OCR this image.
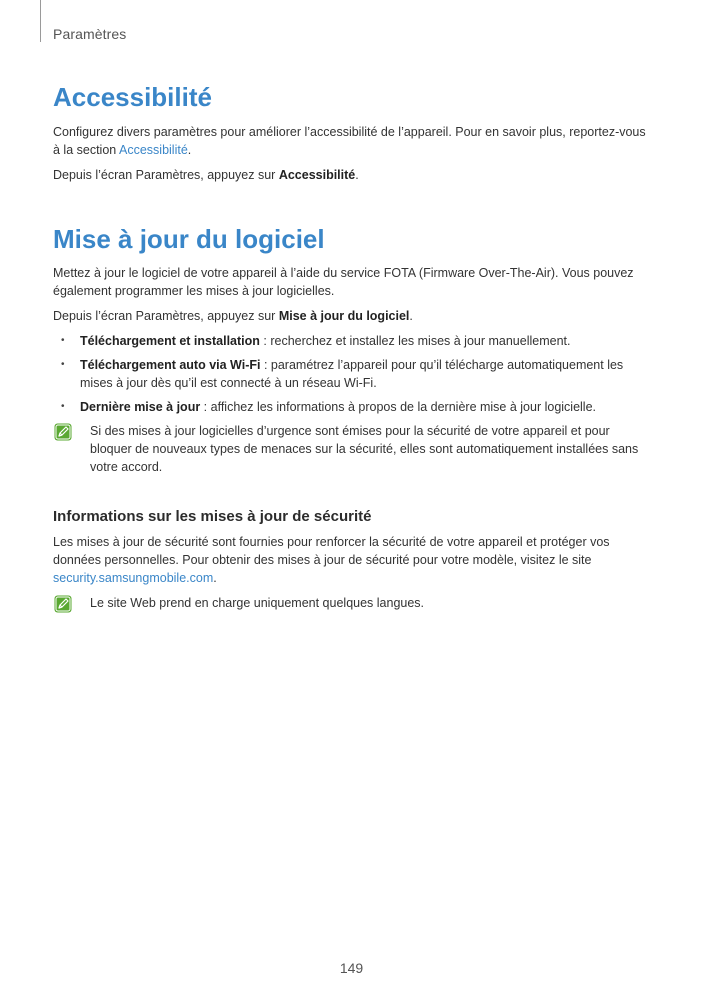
Paramètres
Accessibilité

Configurez divers paramètres pour améliorer l’accessibilité de l’appareil. Pour en savoir plus, reportez-vous à la section Accessibilité.

Depuis l’écran Paramètres, appuyez sur Accessibilité.

Mise à jour du logiciel

Mettez à jour le logiciel de votre appareil à l’aide du service FOTA (Firmware Over-The-Air). Vous pouvez également programmer les mises à jour logicielles.

Depuis l’écran Paramètres, appuyez sur Mise à jour du logiciel.

• Téléchargement et installation : recherchez et installez les mises à jour manuellement.
• Téléchargement auto via Wi-Fi : paramétrez l’appareil pour qu’il télécharge automatiquement les mises à jour dès qu’il est connecté à un réseau Wi-Fi.
• Dernière mise à jour : affichez les informations à propos de la dernière mise à jour logicielle.
Si des mises à jour logicielles d’urgence sont émises pour la sécurité de votre appareil et pour bloquer de nouveaux types de menaces sur la sécurité, elles sont automatiquement installées sans votre accord.
Informations sur les mises à jour de sécurité

Les mises à jour de sécurité sont fournies pour renforcer la sécurité de votre appareil et protéger vos données personnelles. Pour obtenir des mises à jour de sécurité pour votre modèle, visitez le site security.samsungmobile.com.

Le site Web prend en charge uniquement quelques langues.
149
